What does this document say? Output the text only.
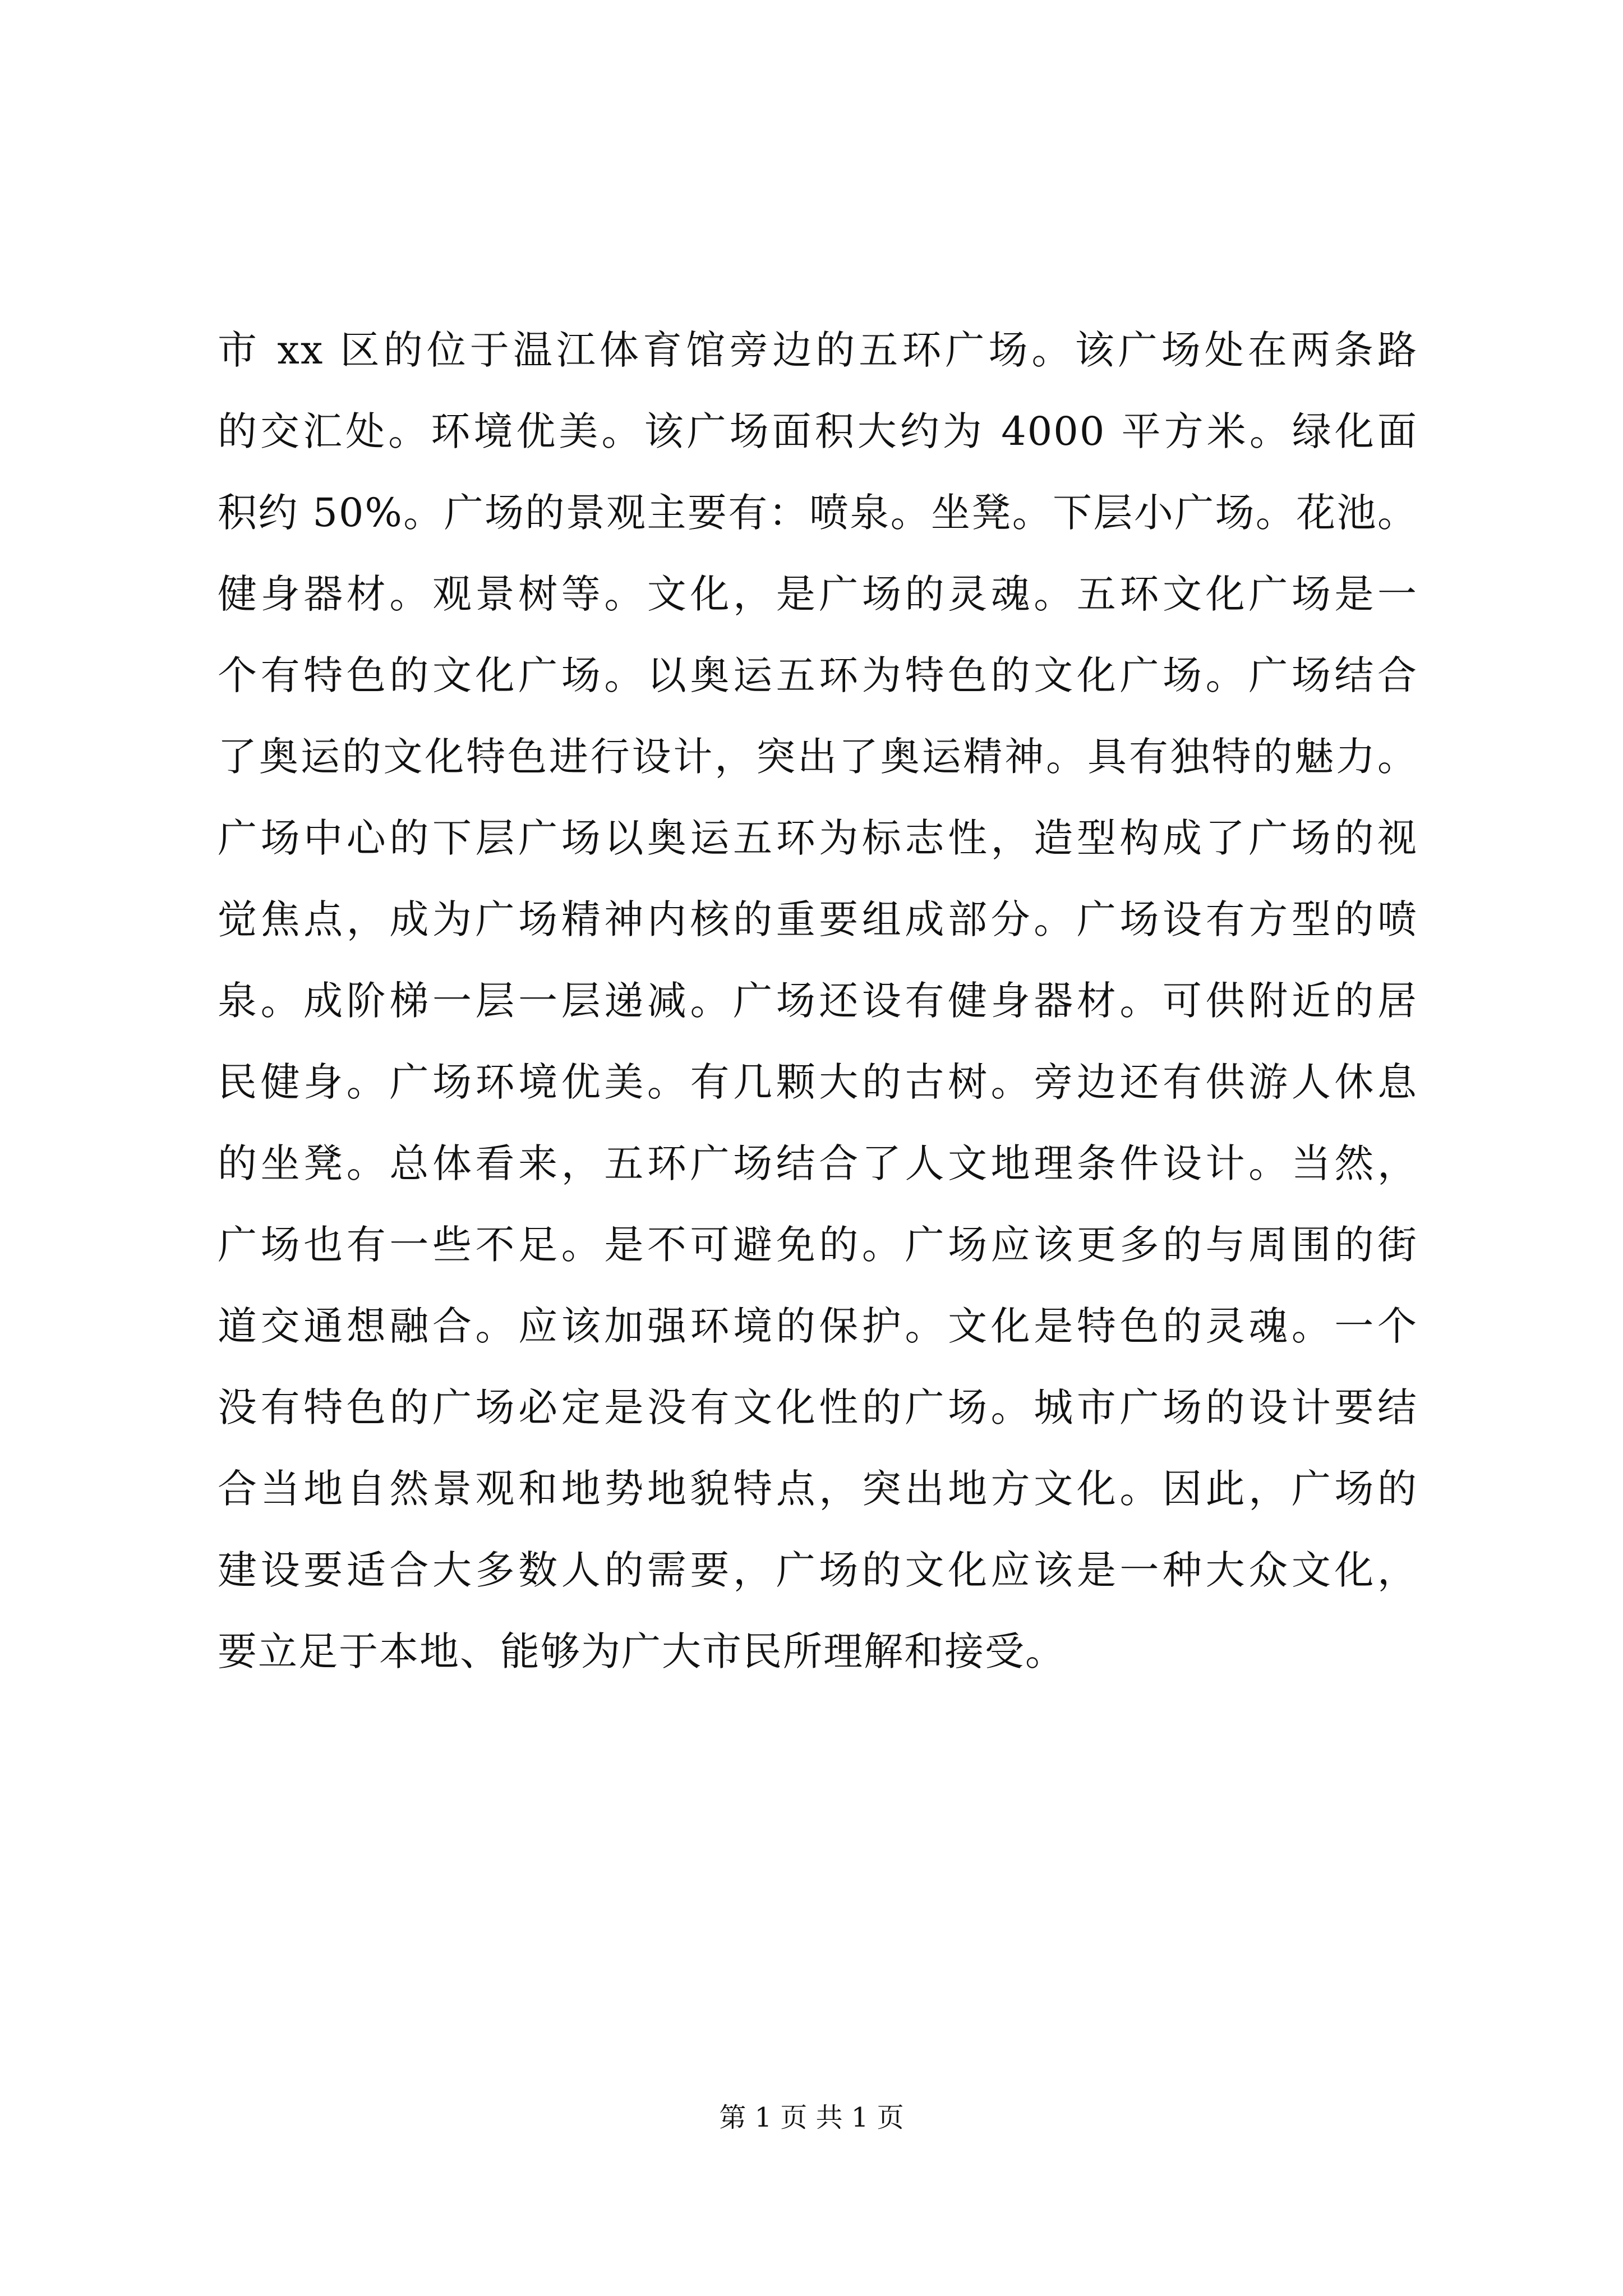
市 xx 区的位于温江体育馆旁边的五环广场。该广场处在两条路
的交汇处。环境优美。该广场面积大约为 4000 平方米。绿化面
积约 50%。广场的景观主要有：喷泉。坐凳。下层小广场。花池。
健身器材。观景树等。文化，是广场的灵魂。五环文化广场是一
个有特色的文化广场。以奥运五环为特色的文化广场。广场结合
了奥运的文化特色进行设计，突出了奥运精神。具有独特的魅力。
广场中心的下层广场以奥运五环为标志性，造型构成了广场的视
觉焦点，成为广场精神内核的重要组成部分。广场设有方型的喷
泉。成阶梯一层一层递减。广场还设有健身器材。可供附近的居
民健身。广场环境优美。有几颗大的古树。旁边还有供游人休息
的坐凳。总体看来，五环广场结合了人文地理条件设计。当然，
广场也有一些不足。是不可避免的。广场应该更多的与周围的街
道交通想融合。应该加强环境的保护。文化是特色的灵魂。一个
没有特色的广场必定是没有文化性的广场。城市广场的设计要结
合当地自然景观和地势地貌特点，突出地方文化。因此，广场的
建设要适合大多数人的需要，广场的文化应该是一种大众文化，
要立足于本地、能够为广大市民所理解和接受。
第 1 页 共 1 页
